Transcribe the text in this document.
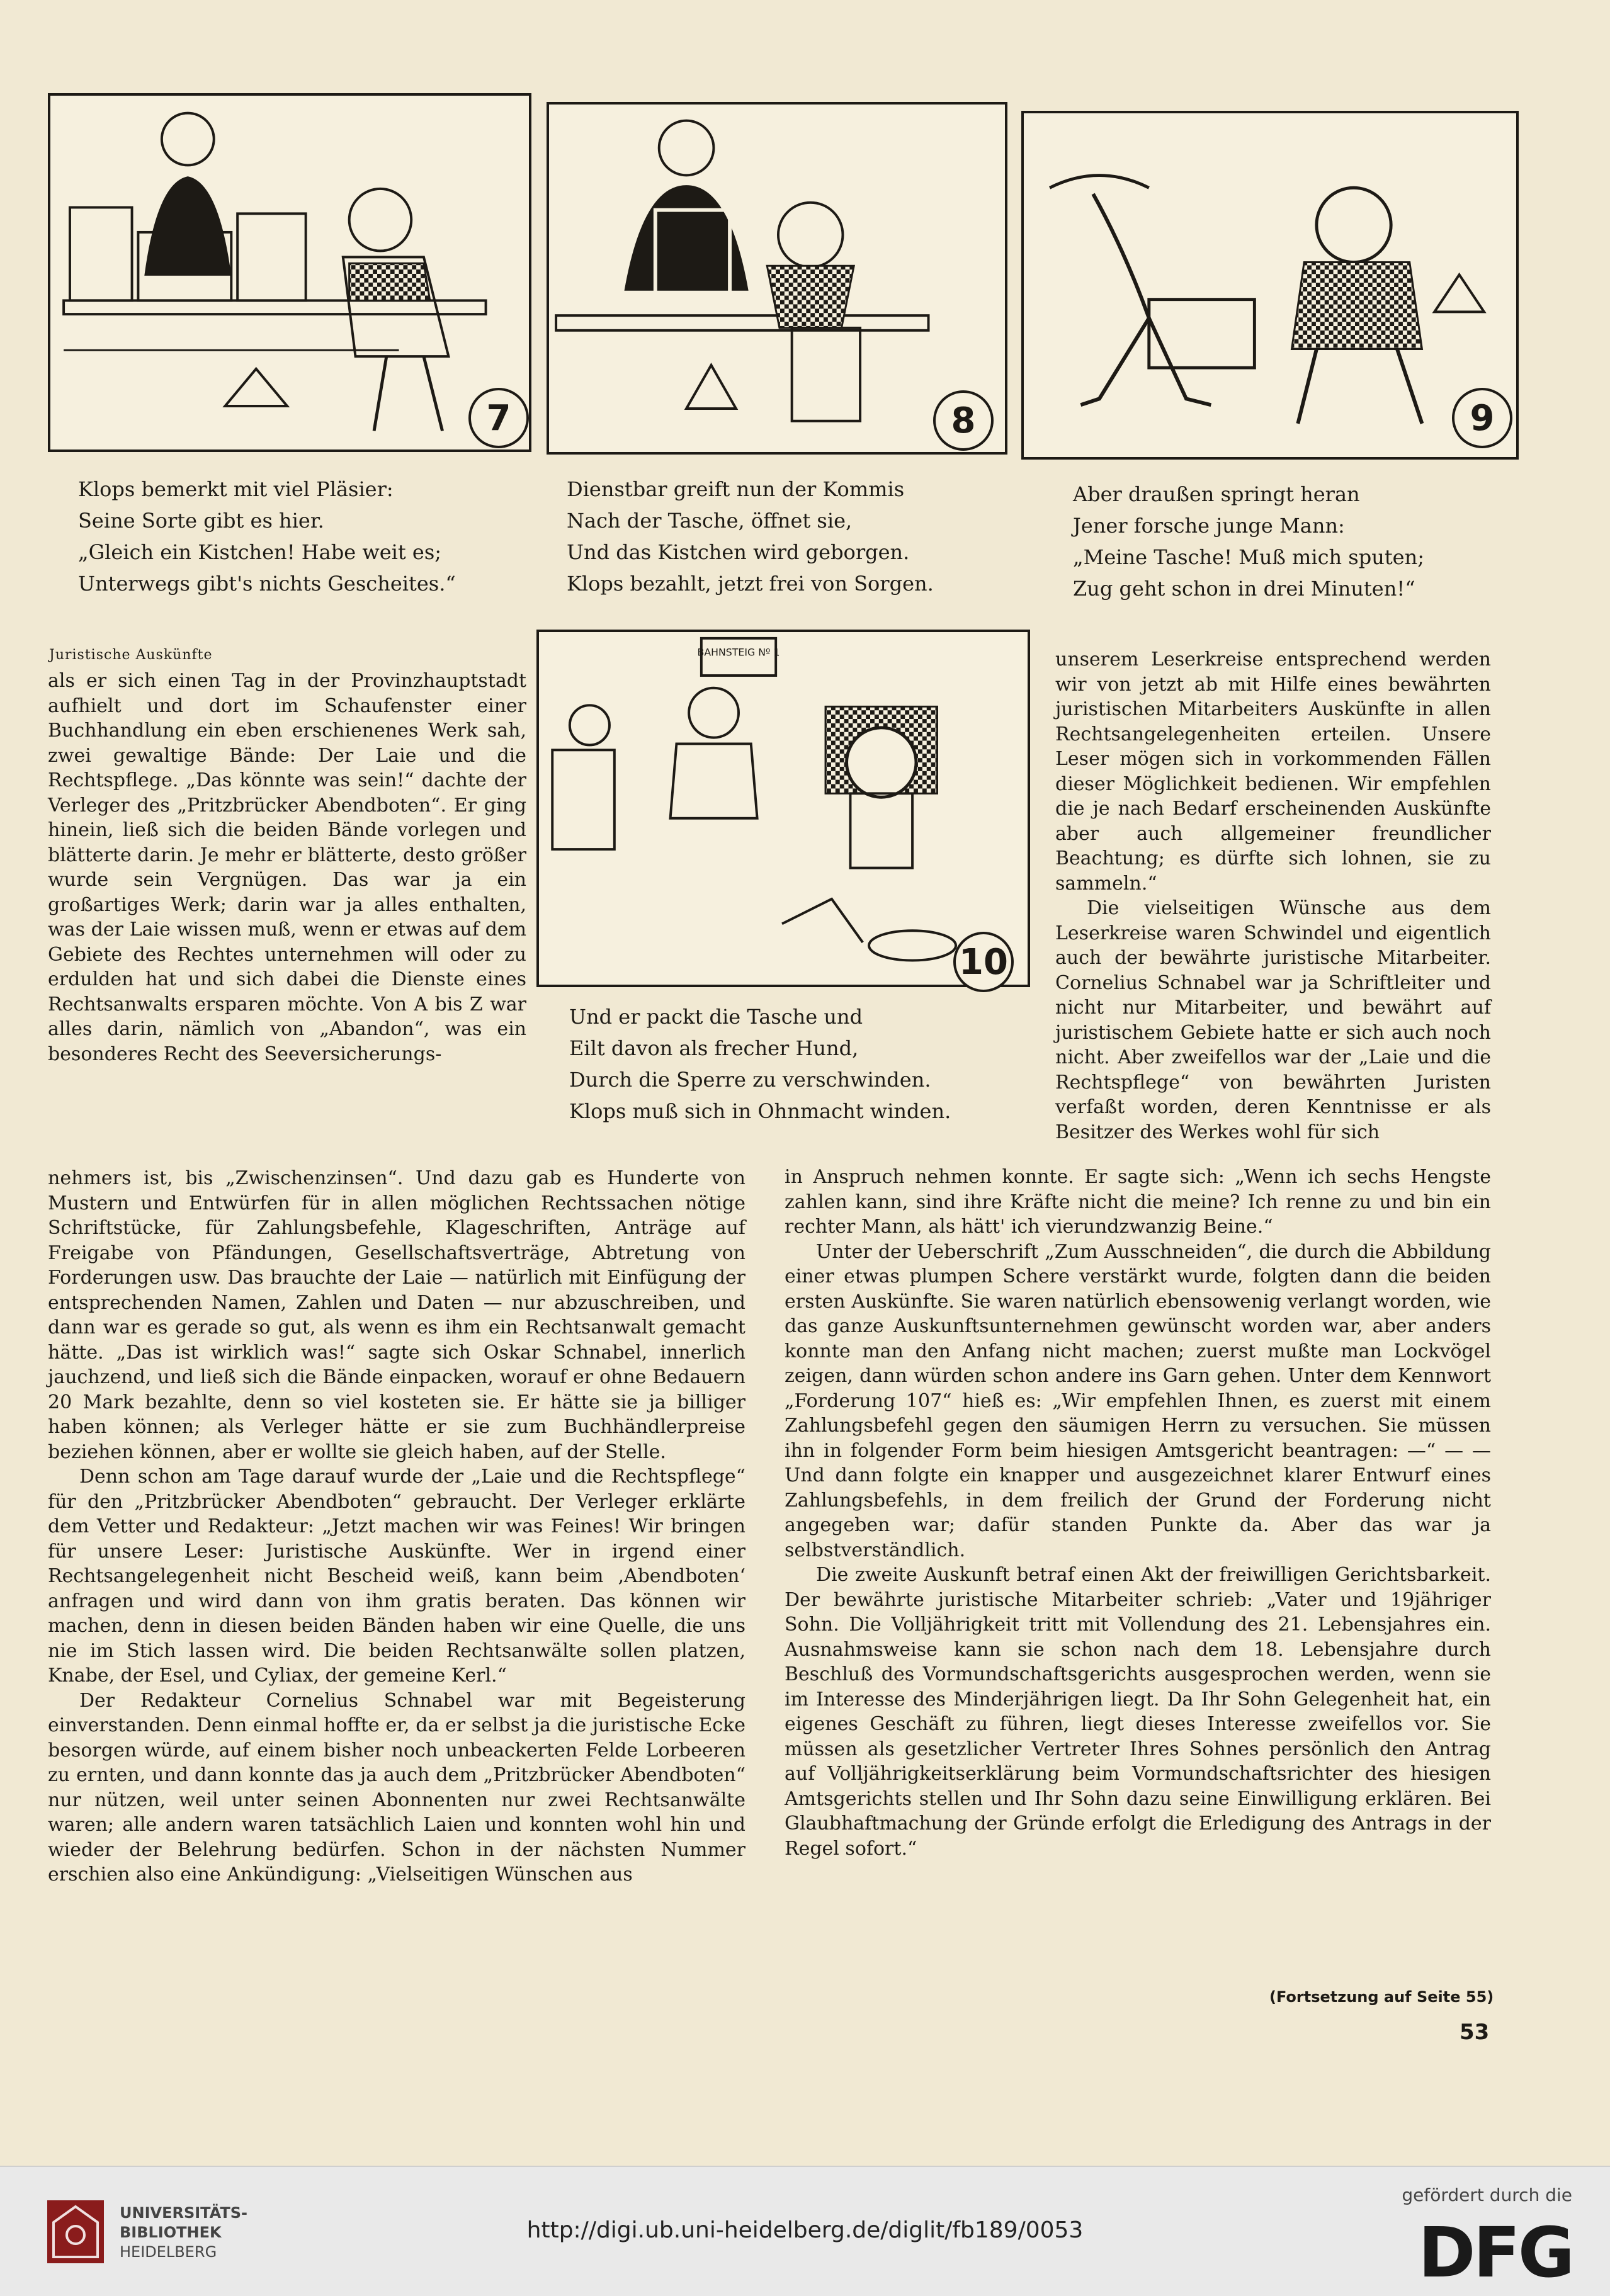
7	8	9
Klops bemerkt mit viel Pläsier:
Seine Sorte gibt es hier.
„Gleich ein Kistchen! Habe weit es;
Unterwegs gibt's nichts Gescheites.“
Dienstbar greift nun der Kommis
Nach der Tasche, öffnet sie,
Und das Kistchen wird geborgen.
Klops bezahlt, jetzt frei von Sorgen.
Aber draußen springt heran
Jener forsche junge Mann:
„Meine Tasche! Muß mich sputen;
Zug geht schon in drei Minuten!“
BAHNSTEIG Nº 1
10
Und er packt die Tasche und
Eilt davon als frecher Hund,
Durch die Sperre zu verschwinden.
Klops muß sich in Ohnmacht winden.
Juristische Auskünfte

als er sich einen Tag in der Provinzhauptstadt aufhielt und dort im Schaufenster einer Buchhandlung ein eben erschienenes Werk sah, zwei gewaltige Bände: Der Laie und die Rechtspflege. „Das könnte was sein!“ dachte der Verleger des „Pritzbrücker Abendboten“. Er ging hinein, ließ sich die beiden Bände vorlegen und blätterte darin. Je mehr er blätterte, desto größer wurde sein Vergnügen. Das war ja ein großartiges Werk; darin war ja alles enthalten, was der Laie wissen muß, wenn er etwas auf dem Gebiete des Rechtes unternehmen will oder zu erdulden hat und sich dabei die Dienste eines Rechtsanwalts ersparen möchte. Von A bis Z war alles darin, nämlich von „Abandon“, was ein besonderes Recht des Seeversicherungs-

nehmers ist, bis „Zwischenzinsen“. Und dazu gab es Hunderte von Mustern und Entwürfen für in allen möglichen Rechtssachen nötige Schriftstücke, für Zahlungsbefehle, Klageschriften, Anträge auf Freigabe von Pfändungen, Gesellschaftsverträge, Abtretung von Forderungen usw. Das brauchte der Laie — natürlich mit Einfügung der entsprechenden Namen, Zahlen und Daten — nur abzuschreiben, und dann war es gerade so gut, als wenn es ihm ein Rechtsanwalt gemacht hätte. „Das ist wirklich was!“ sagte sich Oskar Schnabel, innerlich jauchzend, und ließ sich die Bände einpacken, worauf er ohne Bedauern 20 Mark bezahlte, denn so viel kosteten sie. Er hätte sie ja billiger haben können; als Verleger hätte er sie zum Buchhändlerpreise beziehen können, aber er wollte sie gleich haben, auf der Stelle.

Denn schon am Tage darauf wurde der „Laie und die Rechtspflege“ für den „Pritzbrücker Abendboten“ gebraucht. Der Verleger erklärte dem Vetter und Redakteur: „Jetzt machen wir was Feines! Wir bringen für unsere Leser: Juristische Auskünfte. Wer in irgend einer Rechtsangelegenheit nicht Bescheid weiß, kann beim ‚Abendboten‘ anfragen und wird dann von ihm gratis beraten. Das können wir machen, denn in diesen beiden Bänden haben wir eine Quelle, die uns nie im Stich lassen wird. Die beiden Rechtsanwälte sollen platzen, Knabe, der Esel, und Cyliax, der gemeine Kerl.“

Der Redakteur Cornelius Schnabel war mit Begeisterung einverstanden. Denn einmal hoffte er, da er selbst ja die juristische Ecke besorgen würde, auf einem bisher noch unbeackerten Felde Lorbeeren zu ernten, und dann konnte das ja auch dem „Pritzbrücker Abendboten“ nur nützen, weil unter seinen Abonnenten nur zwei Rechtsanwälte waren; alle andern waren tatsächlich Laien und konnten wohl hin und wieder der Belehrung bedürfen. Schon in der nächsten Nummer erschien also eine Ankündigung: „Vielseitigen Wünschen aus

unserem Leserkreise entsprechend werden wir von jetzt ab mit Hilfe eines bewährten juristischen Mitarbeiters Auskünfte in allen Rechtsangelegenheiten erteilen. Unsere Leser mögen sich in vorkommenden Fällen dieser Möglichkeit bedienen. Wir empfehlen die je nach Bedarf erscheinenden Auskünfte aber auch allgemeiner freundlicher Beachtung; es dürfte sich lohnen, sie zu sammeln.“

Die vielseitigen Wünsche aus dem Leserkreise waren Schwindel und eigentlich auch der bewährte juristische Mitarbeiter. Cornelius Schnabel war ja Schriftleiter und nicht nur Mitarbeiter, und bewährt auf juristischem Gebiete hatte er sich auch noch nicht. Aber zweifellos war der „Laie und die Rechtspflege“ von bewährten Juristen verfaßt worden, deren Kenntnisse er als Besitzer des Werkes wohl für sich

in Anspruch nehmen konnte. Er sagte sich: „Wenn ich sechs Hengste zahlen kann, sind ihre Kräfte nicht die meine? Ich renne zu und bin ein rechter Mann, als hätt' ich vierundzwanzig Beine.“

Unter der Ueberschrift „Zum Ausschneiden“, die durch die Abbildung einer etwas plumpen Schere verstärkt wurde, folgten dann die beiden ersten Auskünfte. Sie waren natürlich ebensowenig verlangt worden, wie das ganze Auskunftsunternehmen gewünscht worden war, aber anders konnte man den Anfang nicht machen; zuerst mußte man Lockvögel zeigen, dann würden schon andere ins Garn gehen. Unter dem Kennwort „Forderung 107“ hieß es: „Wir empfehlen Ihnen, es zuerst mit einem Zahlungsbefehl gegen den säumigen Herrn zu versuchen. Sie müssen ihn in folgender Form beim hiesigen Amtsgericht beantragen: —“ — — Und dann folgte ein knapper und ausgezeichnet klarer Entwurf eines Zahlungsbefehls, in dem freilich der Grund der Forderung nicht angegeben war; dafür standen Punkte da. Aber das war ja selbstverständlich.

Die zweite Auskunft betraf einen Akt der freiwilligen Gerichtsbarkeit. Der bewährte juristische Mitarbeiter schrieb: „Vater und 19jähriger Sohn. Die Volljährigkeit tritt mit Vollendung des 21. Lebensjahres ein. Ausnahmsweise kann sie schon nach dem 18. Lebensjahre durch Beschluß des Vormundschaftsgerichts ausgesprochen werden, wenn sie im Interesse des Minderjährigen liegt. Da Ihr Sohn Gelegenheit hat, ein eigenes Geschäft zu führen, liegt dieses Interesse zweifellos vor. Sie müssen als gesetzlicher Vertreter Ihres Sohnes persönlich den Antrag auf Volljährigkeitserklärung beim Vormundschaftsrichter des hiesigen Amtsgerichts stellen und Ihr Sohn dazu seine Einwilligung erklären. Bei Glaubhaftmachung der Gründe erfolgt die Erledigung des Antrags in der Regel sofort.“

(Fortsetzung auf Seite 55)
53
UNIVERSITÄTS-
BIBLIOTHEK
HEIDELBERG
http://digi.ub.uni-heidelberg.de/diglit/fb189/0053
gefördert durch die
DFG
